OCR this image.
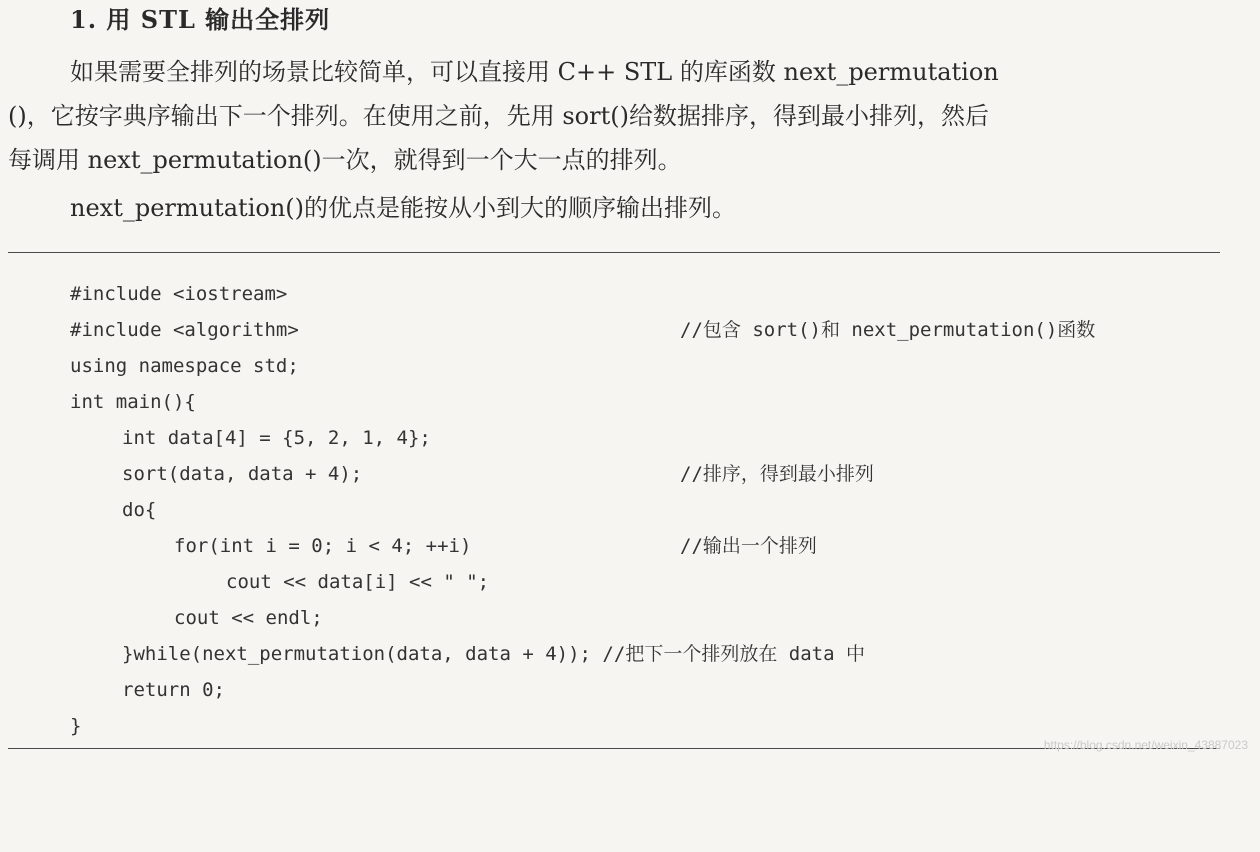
1. 用 STL 输出全排列
如果需要全排列的场景比较简单，可以直接用 C++ STL 的库函数 next_permutation
()，它按字典序输出下一个排列。在使用之前，先用 sort()给数据排序，得到最小排列，然后
每调用 next_permutation()一次，就得到一个大一点的排列。
next_permutation()的优点是能按从小到大的顺序输出排列。

#include <iostream>

#include <algorithm>

	//包含 sort()和 next_permutation()函数

using namespace std;

int main(){

int data[4] = {5, 2, 1, 4};

sort(data, data + 4);

	//排序，得到最小排列

do{

for(int i = 0; i < 4; ++i)

	//输出一个排列

cout << data[i] << " ";

cout << endl;

}while(next_permutation(data, data + 4)); //把下一个排列放在 data 中

return 0;

}

https://blog.csdn.net/weixin_43887023
